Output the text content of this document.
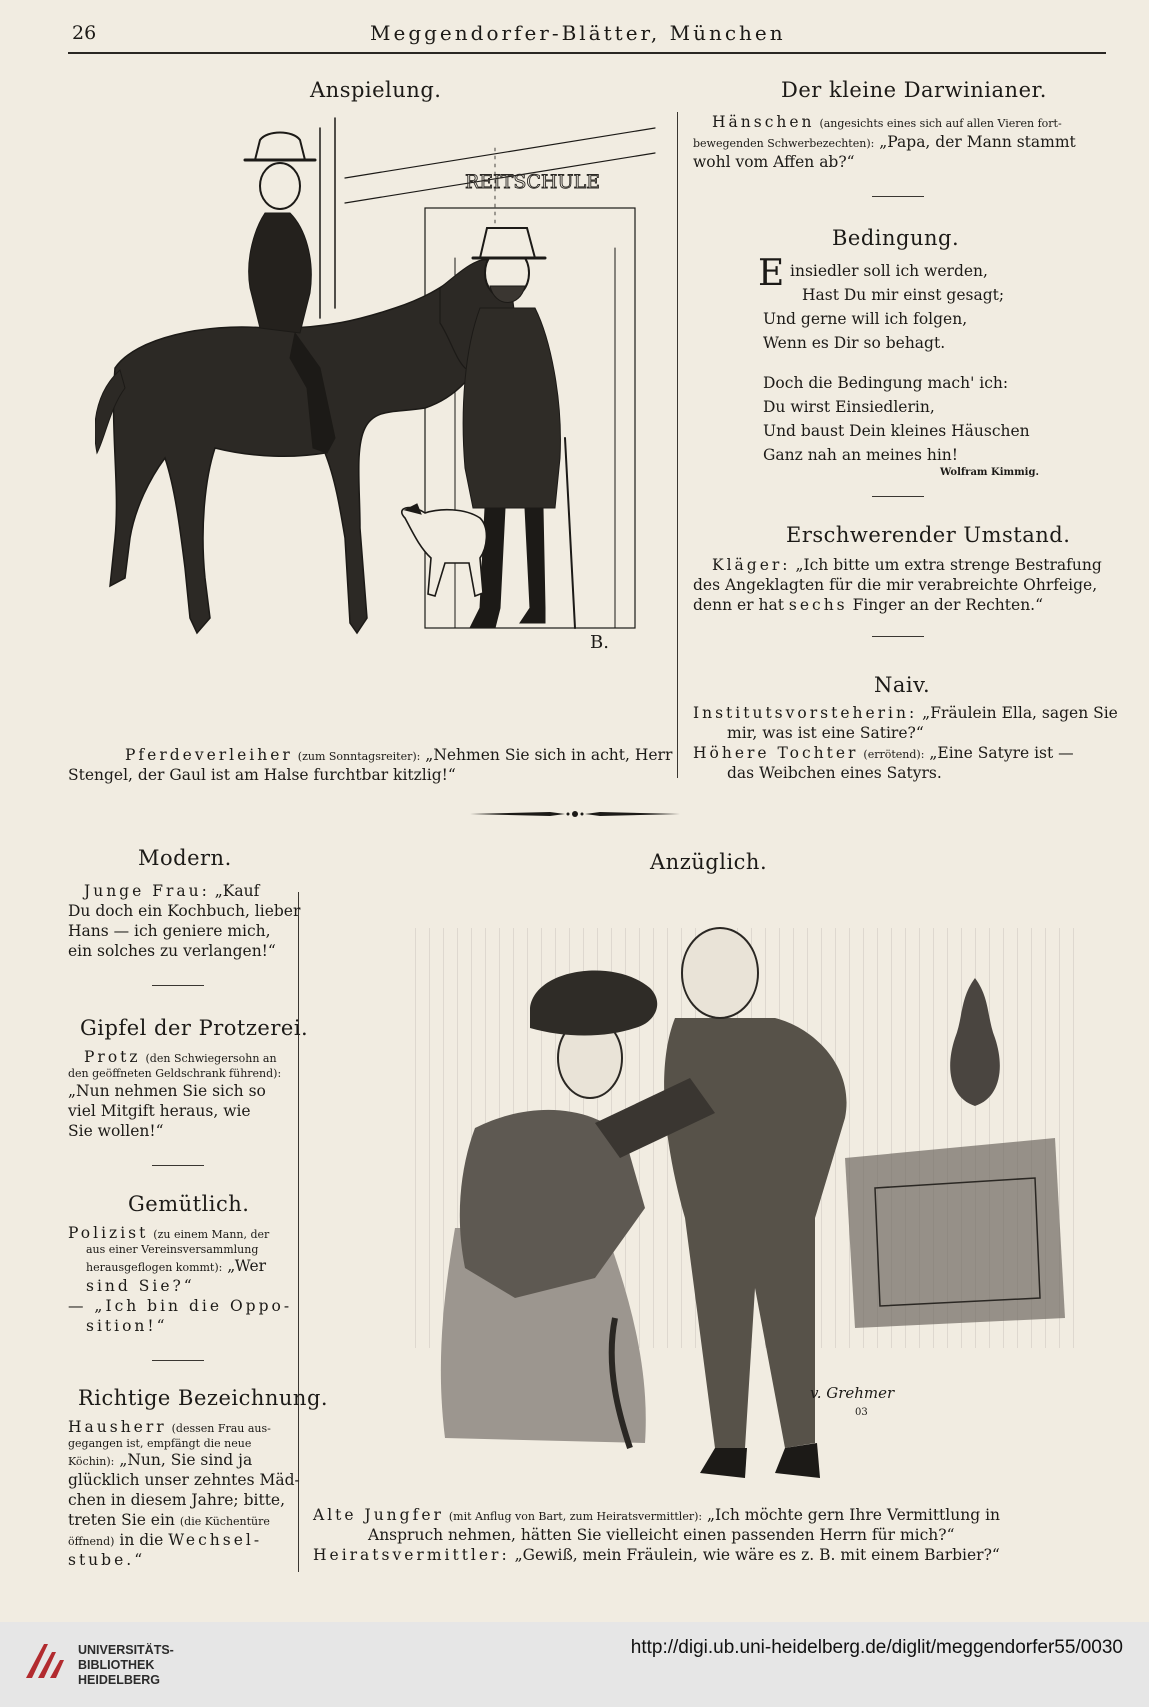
26	Meggendorfer-Blätter, München
Anspielung.
REITSCHULE
B.
Pferdeverleiher (zum Sonntagsreiter): „Nehmen Sie sich in acht, Herr
Stengel, der Gaul ist am Halse furchtbar kitzlig!“
Der kleine Darwinianer.
Hänschen (angesichts eines sich auf allen Vieren fort-
bewegenden Schwerbezechten): „Papa, der Mann stammt
wohl vom Affen ab?“
Bedingung.
E insiedler soll ich werden,
Hast Du mir einst gesagt;
Und gerne will ich folgen,
Wenn es Dir so behagt.
Doch die Bedingung mach' ich:
Du wirst Einsiedlerin,
Und baust Dein kleines Häuschen
Ganz nah an meines hin!
Wolfram Kimmig.
Erschwerender Umstand.
Kläger: „Ich bitte um extra strenge Bestrafung
des Angeklagten für die mir verabreichte Ohrfeige,
denn er hat sechs Finger an der Rechten.“
Naiv.
Institutsvorsteherin: „Fräulein Ella, sagen Sie
mir, was ist eine Satire?“
Höhere Tochter (errötend): „Eine Satyre ist —
das Weibchen eines Satyrs.
Modern.
Junge Frau: „Kauf
Du doch ein Kochbuch, lieber
Hans — ich geniere mich,
ein solches zu verlangen!“
Gipfel der Protzerei.
Protz (den Schwiegersohn an
den geöffneten Geldschrank führend):
„Nun nehmen Sie sich so
viel Mitgift heraus, wie
Sie wollen!“
Gemütlich.
Polizist (zu einem Mann, der
aus einer Vereinsversammlung
herausgeflogen kommt): „Wer
sind Sie?“
— „Ich bin die Oppo-
sition!“
Richtige Bezeichnung.
Hausherr (dessen Frau aus-
gegangen ist, empfängt die neue
Köchin): „Nun, Sie sind ja
glücklich unser zehntes Mäd-
chen in diesem Jahre; bitte,
treten Sie ein (die Küchentüre
öffnend) in die Wechsel-
stube.“
Anzüglich.
v. Grehmer
03
Alte Jungfer (mit Anflug von Bart, zum Heiratsvermittler): „Ich möchte gern Ihre Vermittlung in
Anspruch nehmen, hätten Sie vielleicht einen passenden Herrn für mich?“
Heiratsvermittler: „Gewiß, mein Fräulein, wie wäre es z. B. mit einem Barbier?“
UNIVERSITÄTS-
BIBLIOTHEK
HEIDELBERG
http://digi.ub.uni-heidelberg.de/diglit/meggendorfer55/0030
